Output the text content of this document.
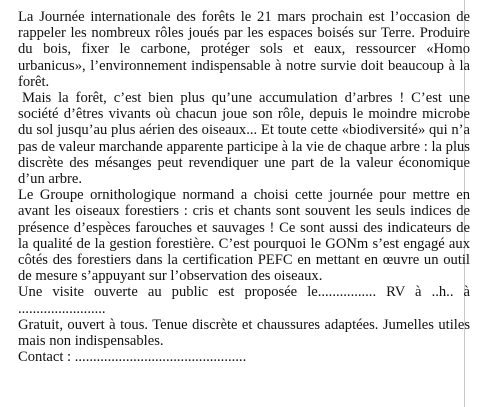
La Journée internationale des forêts le 21 mars prochain est l’occasion de rappeler les nombreux rôles joués par les espaces boisés sur Terre. Produire du bois, fixer le carbone, protéger sols et eaux, ressourcer «Homo urbanicus», l’environnement indispensable à notre survie doit beaucoup à la forêt.

Mais la forêt, c’est bien plus qu’une accumulation d’arbres ! C’est une société d’êtres vivants où chacun joue son rôle, depuis le moindre microbe du sol jusqu’au plus aérien des oiseaux... Et toute cette «biodiversité» qui n’a pas de valeur marchande apparente participe à la vie de chaque arbre : la plus discrète des mésanges peut revendiquer une part de la valeur économique d’un arbre.

Le Groupe ornithologique normand a choisi cette journée pour mettre en avant les oiseaux forestiers : cris et chants sont souvent les seuls indices de présence d’espèces farouches et sauvages ! Ce sont aussi des indicateurs de la qualité de la gestion forestière. C’est pourquoi le GONm s’est engagé aux côtés des forestiers dans la certification PEFC en mettant en œuvre un outil de mesure s’appuyant sur l’observation des oiseaux.

Une visite ouverte au public est proposée le................ RV à ..h.. à ........................

Gratuit, ouvert à tous. Tenue discrète et chaussures adaptées. Jumelles utiles mais non indispensables.

Contact : ...............................................
